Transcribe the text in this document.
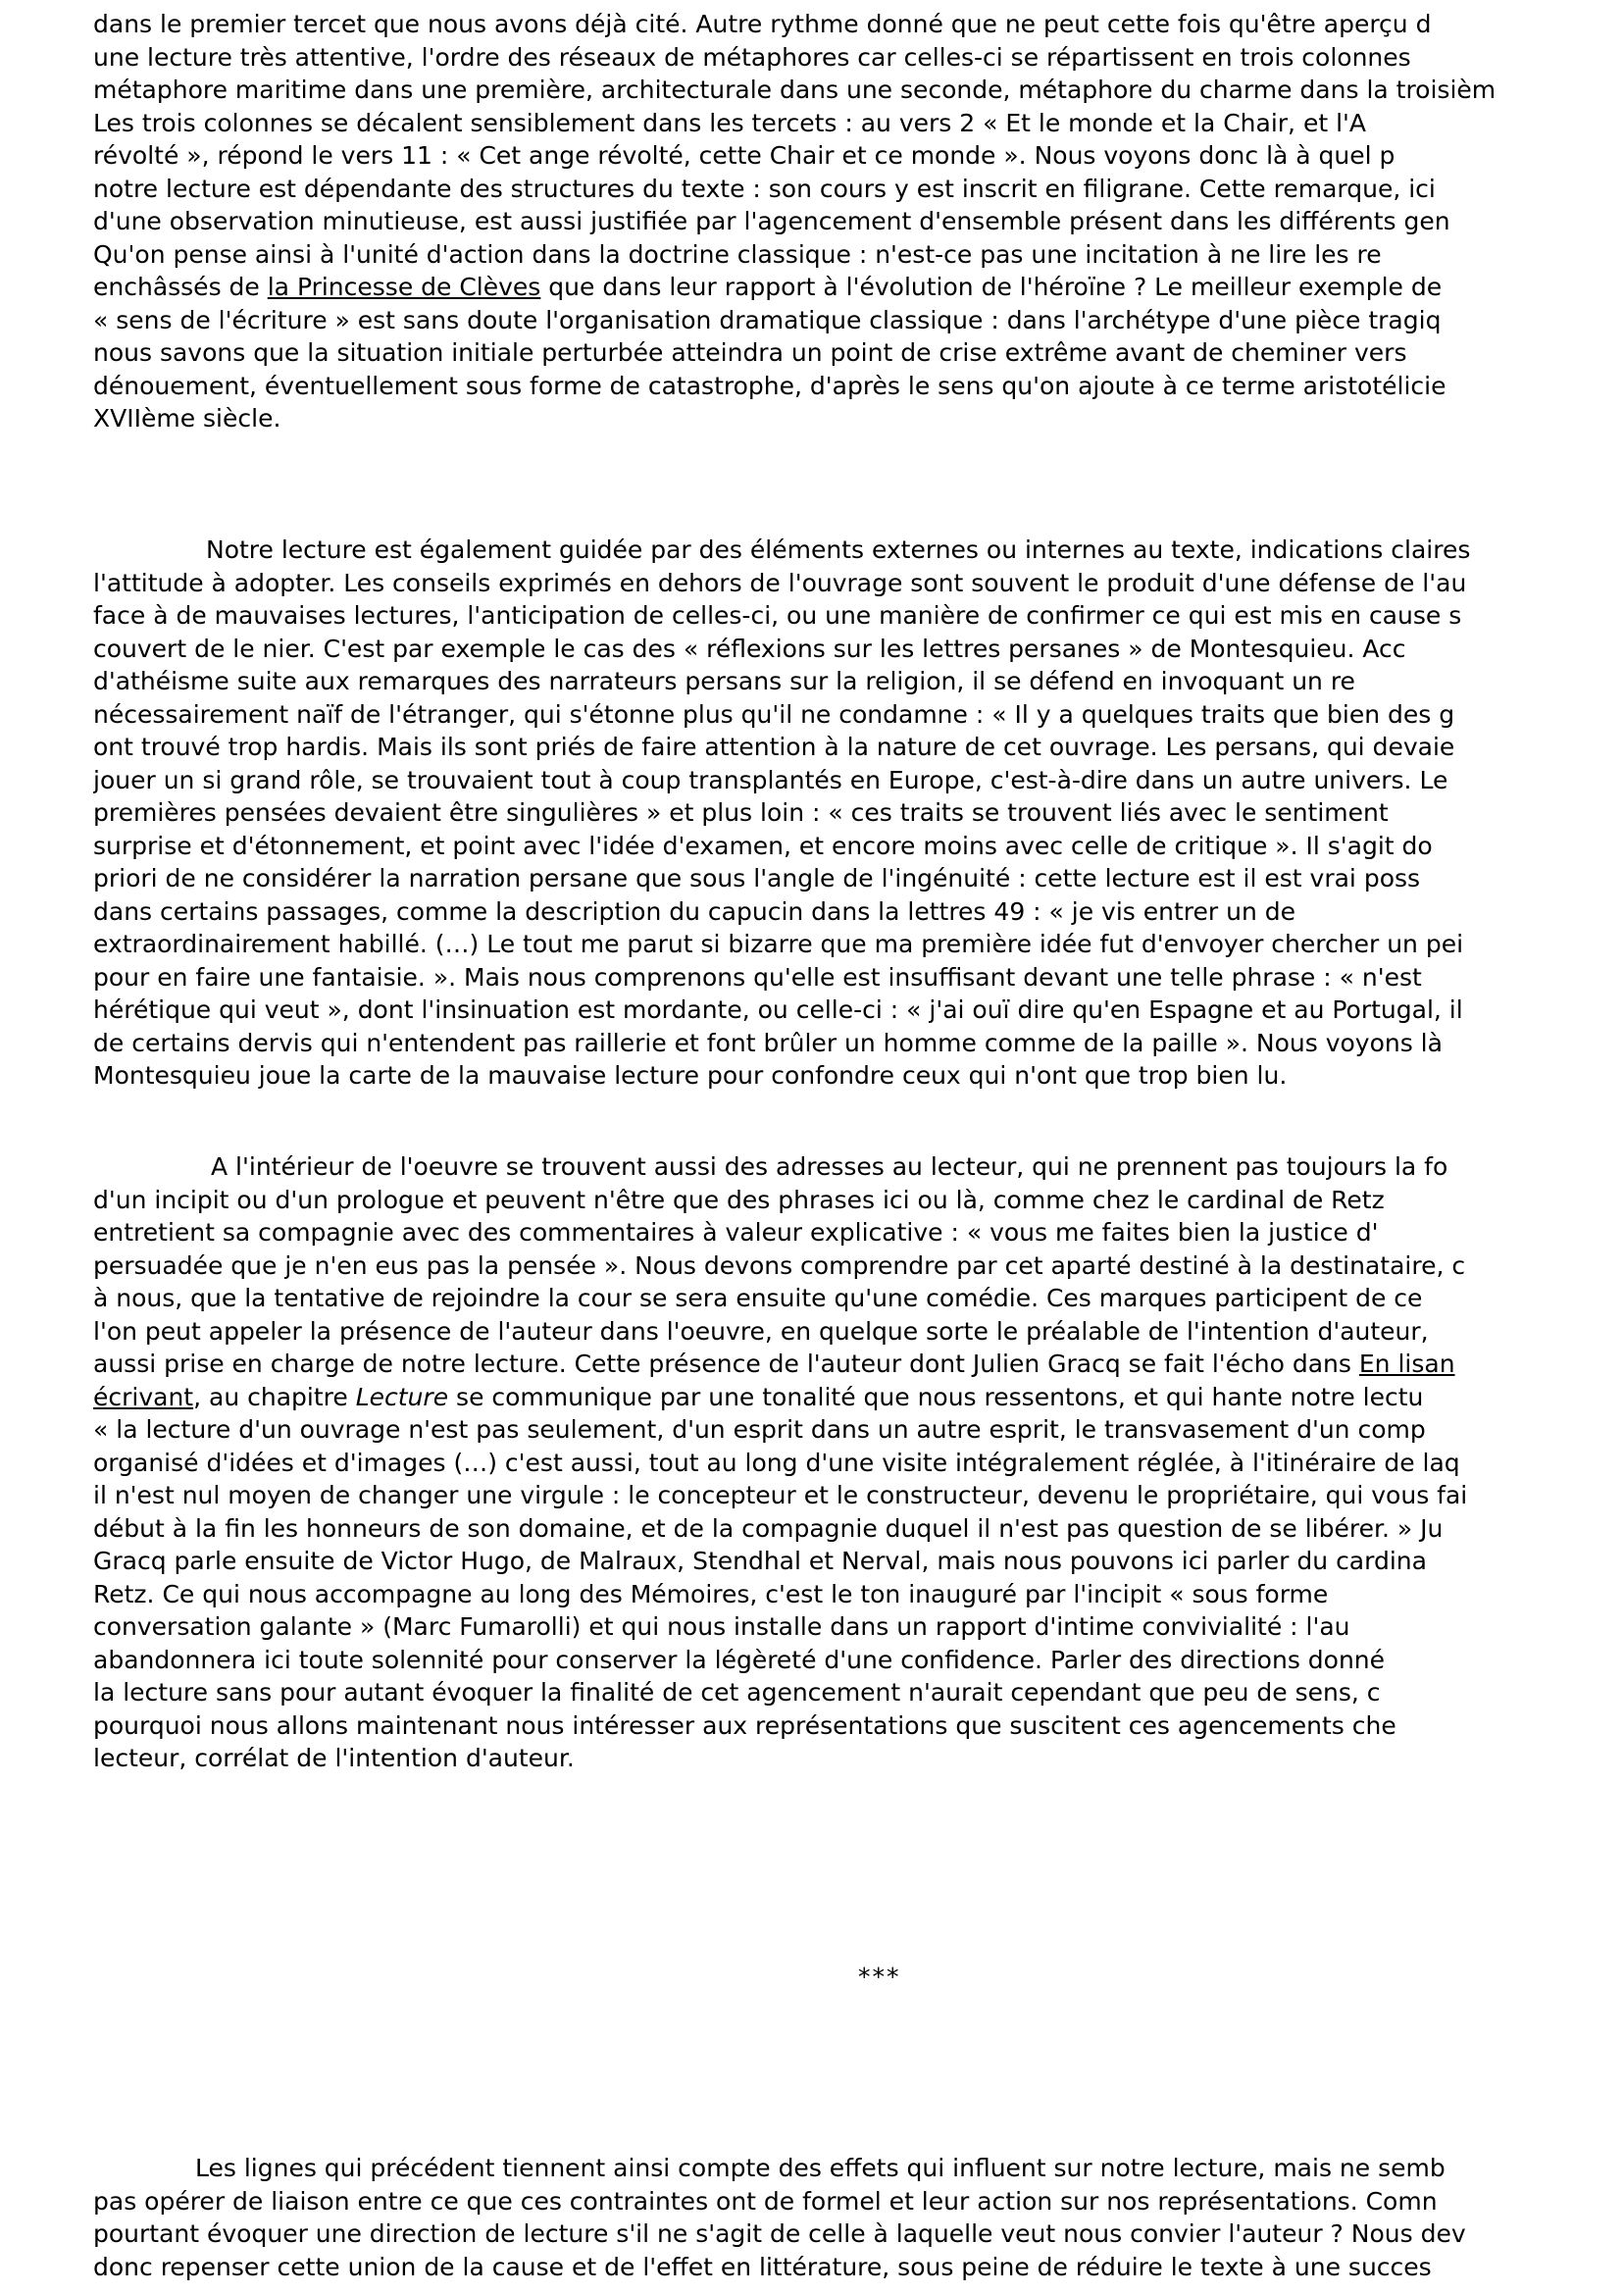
dans le premier tercet que nous avons déjà cité. Autre rythme donné que ne peut cette fois qu'être aperçu d
une lecture très attentive, l'ordre des réseaux de métaphores car celles-ci se répartissent en trois colonnes
métaphore maritime dans une première, architecturale dans une seconde, métaphore du charme dans la troisièm
Les trois colonnes se décalent sensiblement dans les tercets : au vers 2 « Et le monde et la Chair, et l'A
révolté », répond le vers 11 : « Cet ange révolté, cette Chair et ce monde ». Nous voyons donc là à quel p
notre lecture est dépendante des structures du texte : son cours y est inscrit en filigrane. Cette remarque, ici
d'une observation minutieuse, est aussi justifiée par l'agencement d'ensemble présent dans les différents gen
Qu'on pense ainsi à l'unité d'action dans la doctrine classique : n'est-ce pas une incitation à ne lire les re
enchâssés de la Princesse de Clèves que dans leur rapport à l'évolution de l'héroïne ? Le meilleur exemple de
« sens de l'écriture » est sans doute l'organisation dramatique classique : dans l'archétype d'une pièce tragiq
nous savons que la situation initiale perturbée atteindra un point de crise extrême avant de cheminer vers
dénouement, éventuellement sous forme de catastrophe, d'après le sens qu'on ajoute à ce terme aristotélicie
XVIIème siècle.
Notre lecture est également guidée par des éléments externes ou internes au texte, indications claires
l'attitude à adopter. Les conseils exprimés en dehors de l'ouvrage sont souvent le produit d'une défense de l'au
face à de mauvaises lectures, l'anticipation de celles-ci, ou une manière de confirmer ce qui est mis en cause s
couvert de le nier. C'est par exemple le cas des « réflexions sur les lettres persanes » de Montesquieu. Acc
d'athéisme suite aux remarques des narrateurs persans sur la religion, il se défend en invoquant un re
nécessairement naïf de l'étranger, qui s'étonne plus qu'il ne condamne : « Il y a quelques traits que bien des g
ont trouvé trop hardis. Mais ils sont priés de faire attention à la nature de cet ouvrage. Les persans, qui devaie
jouer un si grand rôle, se trouvaient tout à coup transplantés en Europe, c'est-à-dire dans un autre univers. Le
premières pensées devaient être singulières » et plus loin : « ces traits se trouvent liés avec le sentiment
surprise et d'étonnement, et point avec l'idée d'examen, et encore moins avec celle de critique ». Il s'agit do
priori de ne considérer la narration persane que sous l'angle de l'ingénuité : cette lecture est il est vrai poss
dans certains passages, comme la description du capucin dans la lettres 49 : « je vis entrer un de
extraordinairement habillé. (…) Le tout me parut si bizarre que ma première idée fut d'envoyer chercher un pei
pour en faire une fantaisie. ». Mais nous comprenons qu'elle est insuffisant devant une telle phrase : « n'est
hérétique qui veut », dont l'insinuation est mordante, ou celle-ci : « j'ai ouï dire qu'en Espagne et au Portugal, il
de certains dervis qui n'entendent pas raillerie et font brûler un homme comme de la paille ». Nous voyons là
Montesquieu joue la carte de la mauvaise lecture pour confondre ceux qui n'ont que trop bien lu.
A l'intérieur de l'oeuvre se trouvent aussi des adresses au lecteur, qui ne prennent pas toujours la fo
d'un incipit ou d'un prologue et peuvent n'être que des phrases ici ou là, comme chez le cardinal de Retz
entretient sa compagnie avec des commentaires à valeur explicative : « vous me faites bien la justice d'
persuadée que je n'en eus pas la pensée ». Nous devons comprendre par cet aparté destiné à la destinataire, c
à nous, que la tentative de rejoindre la cour se sera ensuite qu'une comédie. Ces marques participent de ce
l'on peut appeler la présence de l'auteur dans l'oeuvre, en quelque sorte le préalable de l'intention d'auteur,
aussi prise en charge de notre lecture. Cette présence de l'auteur dont Julien Gracq se fait l'écho dans En lisan
écrivant, au chapitre Lecture se communique par une tonalité que nous ressentons, et qui hante notre lectu
« la lecture d'un ouvrage n'est pas seulement, d'un esprit dans un autre esprit, le transvasement d'un comp
organisé d'idées et d'images (…) c'est aussi, tout au long d'une visite intégralement réglée, à l'itinéraire de laq
il n'est nul moyen de changer une virgule : le concepteur et le constructeur, devenu le propriétaire, qui vous fai
début à la fin les honneurs de son domaine, et de la compagnie duquel il n'est pas question de se libérer. » Ju
Gracq parle ensuite de Victor Hugo, de Malraux, Stendhal et Nerval, mais nous pouvons ici parler du cardina
Retz. Ce qui nous accompagne au long des Mémoires, c'est le ton inauguré par l'incipit « sous forme
conversation galante » (Marc Fumarolli) et qui nous installe dans un rapport d'intime convivialité : l'au
abandonnera ici toute solennité pour conserver la légèreté d'une confidence. Parler des directions donné
la lecture sans pour autant évoquer la finalité de cet agencement n'aurait cependant que peu de sens, c
pourquoi nous allons maintenant nous intéresser aux représentations que suscitent ces agencements che
lecteur, corrélat de l'intention d'auteur.
***
Les lignes qui précédent tiennent ainsi compte des effets qui influent sur notre lecture, mais ne semb
pas opérer de liaison entre ce que ces contraintes ont de formel et leur action sur nos représentations. Comn
pourtant évoquer une direction de lecture s'il ne s'agit de celle à laquelle veut nous convier l'auteur ? Nous dev
donc repenser cette union de la cause et de l'effet en littérature, sous peine de réduire le texte à une succes
